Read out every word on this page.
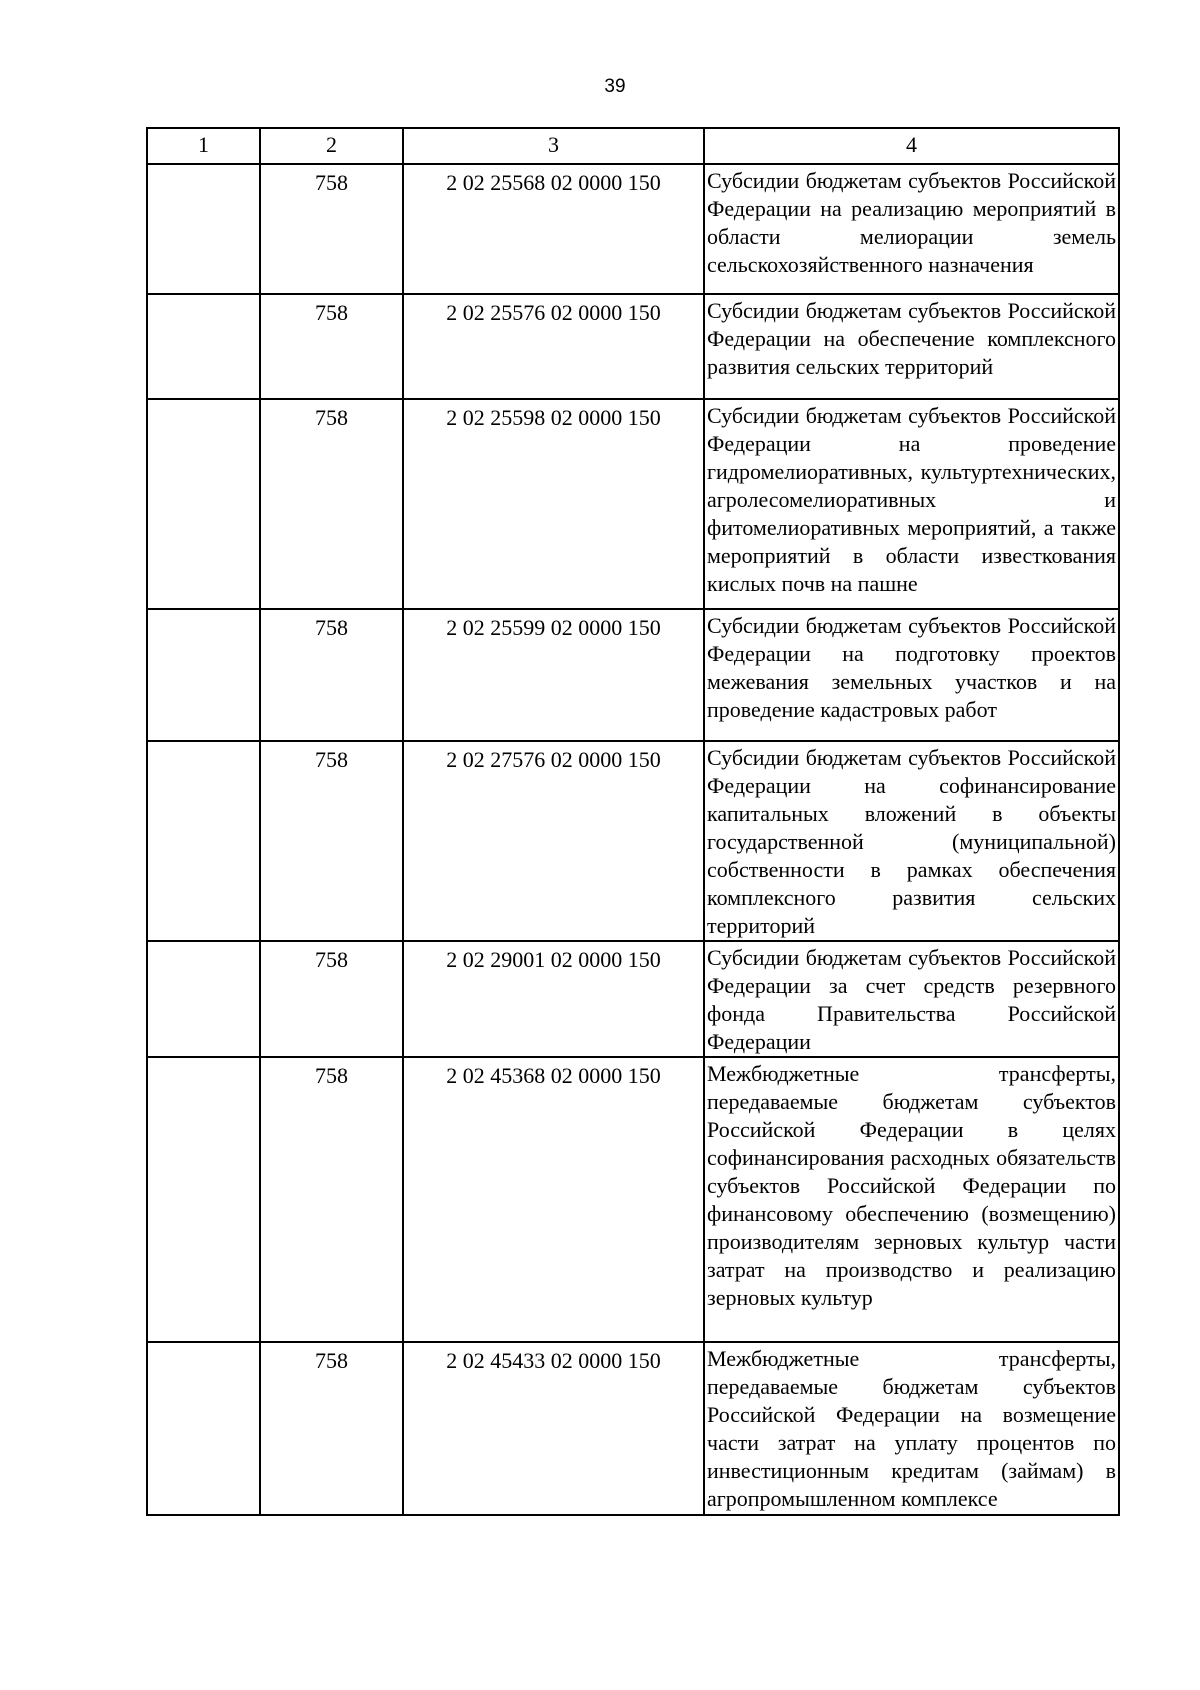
39
1	2	3	4
	758	2 02 25568 02 0000 150	Субсидии бюджетам субъектов Российской Федерации на реализацию мероприятий в области мелиорации земель сельскохозяйственного назначения
	758	2 02 25576 02 0000 150	Субсидии бюджетам субъектов Российской Федерации на обеспечение комплексного развития сельских территорий
	758	2 02 25598 02 0000 150	Субсидии бюджетам субъектов Российской Федерации на проведение гидромелиоративных, культуртехнических, агролесомелиоративных и фитомелиоративных мероприятий, а также мероприятий в области известкования кислых почв на пашне
	758	2 02 25599 02 0000 150	Субсидии бюджетам субъектов Российской Федерации на подготовку проектов межевания земельных участков и на проведение кадастровых работ
	758	2 02 27576 02 0000 150	Субсидии бюджетам субъектов Российской Федерации на софинансирование капитальных вложений в объекты государственной (муниципальной) собственности в рамках обеспечения комплексного развития сельских территорий
	758	2 02 29001 02 0000 150	Субсидии бюджетам субъектов Российской Федерации за счет средств резервного фонда Правительства Российской Федерации
	758	2 02 45368 02 0000 150	Межбюджетные трансферты, передаваемые бюджетам субъектов Российской Федерации в целях софинансирования расходных обязательств субъектов Российской Федерации по финансовому обеспечению (возмещению) производителям зерновых культур части затрат на производство и реализацию зерновых культур
	758	2 02 45433 02 0000 150	Межбюджетные трансферты, передаваемые бюджетам субъектов Российской Федерации на возмещение части затрат на уплату процентов по инвестиционным кредитам (займам) в агропромышленном комплексе
